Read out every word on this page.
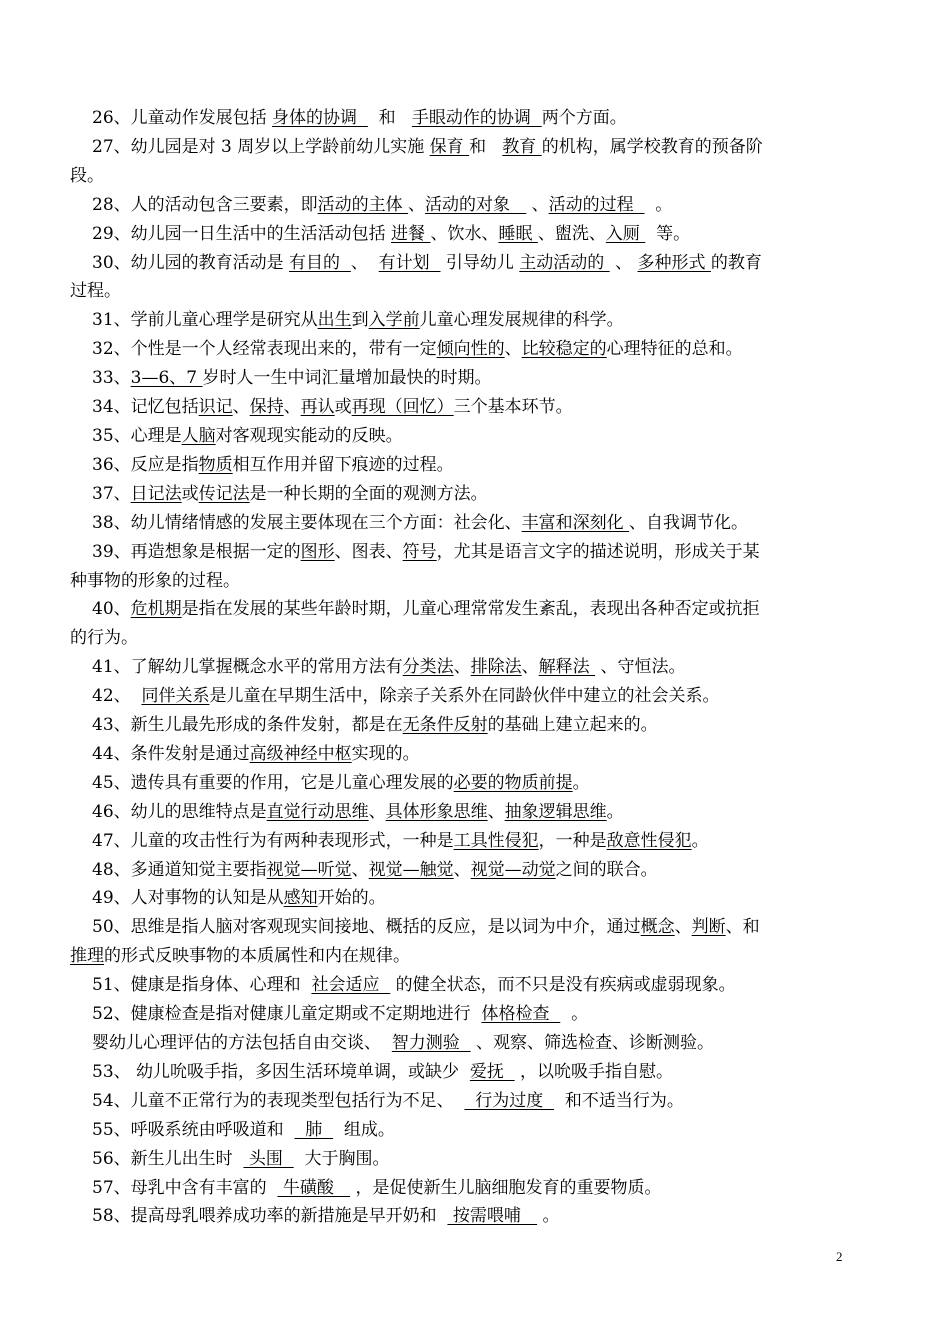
26、儿童动作发展包括 身体的协调    和   手眼动作的协调  两个方面。
27、幼儿园是对 3 周岁以上学龄前幼儿实施 保育 和   教育 的机构，属学校教育的预备阶
段。
28、人的活动包含三要素，即活动的主体 、活动的对象    、活动的过程    。
29、幼儿园一日生活中的生活活动包括 进餐 、饮水、睡眠 、盥洗、入厕   等。
30、幼儿园的教育活动是 有目的  、  有计划   引导幼儿 主动活动的  、 多种形式 的教育
过程。
31、学前儿童心理学是研究从出生到入学前儿童心理发展规律的科学。
32、个性是一个人经常表现出来的，带有一定倾向性的、比较稳定的心理特征的总和。
33、3—6、7 岁时人一生中词汇量增加最快的时期。
34、记忆包括识记、保持、再认或再现（回忆）三个基本环节。
35、心理是人脑对客观现实能动的反映。
36、反应是指物质相互作用并留下痕迹的过程。
37、日记法或传记法是一种长期的全面的观测方法。
38、幼儿情绪情感的发展主要体现在三个方面：社会化、丰富和深刻化 、自我调节化。
39、再造想象是根据一定的图形、图表、符号，尤其是语言文字的描述说明，形成关于某
种事物的形象的过程。
40、危机期是指在发展的某些年龄时期，儿童心理常常发生紊乱，表现出各种否定或抗拒
的行为。
41、了解幼儿掌握概念水平的常用方法有分类法、排除法、解释法  、守恒法。
42、  同伴关系是儿童在早期生活中，除亲子关系外在同龄伙伴中建立的社会关系。
43、新生儿最先形成的条件发射，都是在无条件反射的基础上建立起来的。
44、条件发射是通过高级神经中枢实现的。
45、遗传具有重要的作用，它是儿童心理发展的必要的物质前提。
46、幼儿的思维特点是直觉行动思维、具体形象思维、抽象逻辑思维。
47、儿童的攻击性行为有两种表现形式，一种是工具性侵犯，一种是敌意性侵犯。
48、多通道知觉主要指视觉—听觉、视觉—触觉、视觉—动觉之间的联合。
49、人对事物的认知是从感知开始的。
50、思维是指人脑对客观现实间接地、概括的反应，是以词为中介，通过概念、判断、和
推理的形式反映事物的本质属性和内在规律。
51、健康是指身体、心理和  社会适应   的健全状态，而不只是没有疾病或虚弱现象。
52、健康检查是指对健康儿童定期或不定期地进行  体格检查    。
婴幼儿心理评估的方法包括自由交谈、  智力测验   、观察、筛选检查、诊断测验。
53、 幼儿吮吸手指，多因生活环境单调，或缺少  爱抚   ，以吮吸手指自慰。
54、儿童不正常行为的表现类型包括行为不足、    行为过度    和不适当行为。
55、呼吸系统由呼吸道和    肺    组成。
56、新生儿出生时   头围    大于胸围。
57、母乳中含有丰富的   牛磺酸    ，是促使新生儿脑细胞发育的重要物质。
58、提高母乳喂养成功率的新措施是早开奶和   按需喂哺    。
2
